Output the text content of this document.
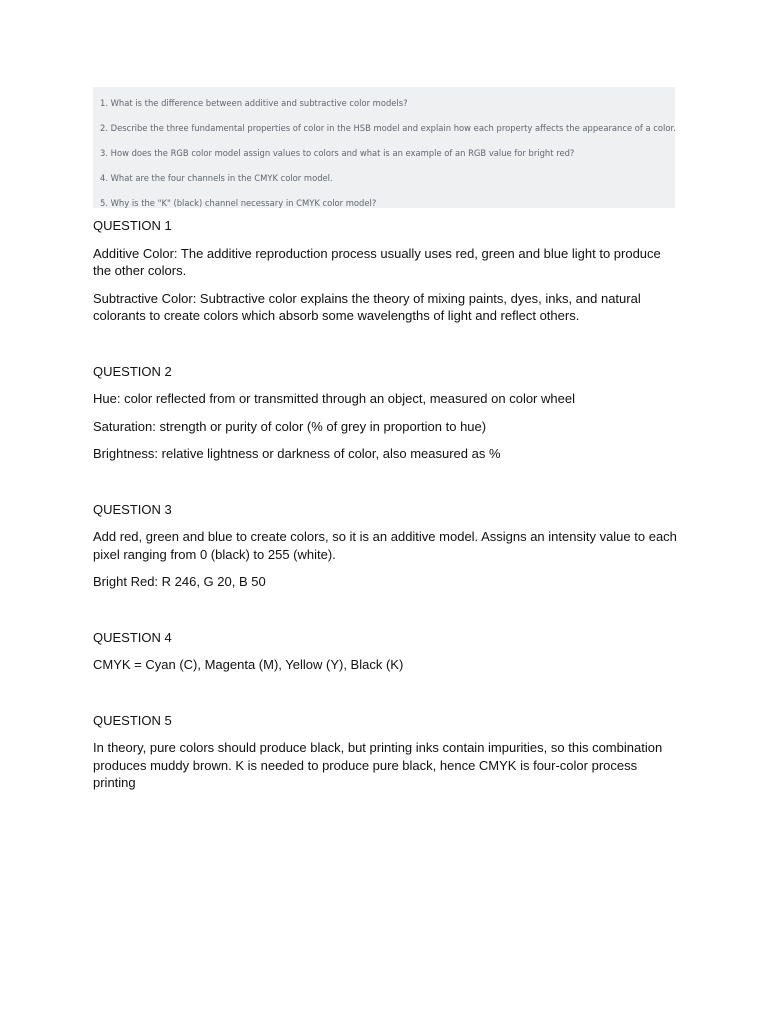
1. What is the difference between additive and subtractive color models?

2. Describe the three fundamental properties of color in the HSB model and explain how each property affects the appearance of a color.

3. How does the RGB color model assign values to colors and what is an example of an RGB value for bright red?

4. What are the four channels in the CMYK color model.

5. Why is the "K" (black) channel necessary in CMYK color model?

QUESTION 1

Additive Color: The additive reproduction process usually uses red, green and blue light to produce the other colors.

Subtractive Color: Subtractive color explains the theory of mixing paints, dyes, inks, and natural colorants to create colors which absorb some wavelengths of light and reflect others.

QUESTION 2

Hue: color reflected from or transmitted through an object, measured on color wheel

Saturation: strength or purity of color (% of grey in proportion to hue)

Brightness: relative lightness or darkness of color, also measured as %

QUESTION 3

Add red, green and blue to create colors, so it is an additive model. Assigns an intensity value to each pixel ranging from 0 (black) to 255 (white).

Bright Red: R 246, G 20, B 50

QUESTION 4

CMYK = Cyan (C), Magenta (M), Yellow (Y), Black (K)

QUESTION 5

In theory, pure colors should produce black, but printing inks contain impurities, so this combination produces muddy brown. K is needed to produce pure black, hence CMYK is four-color process printing
